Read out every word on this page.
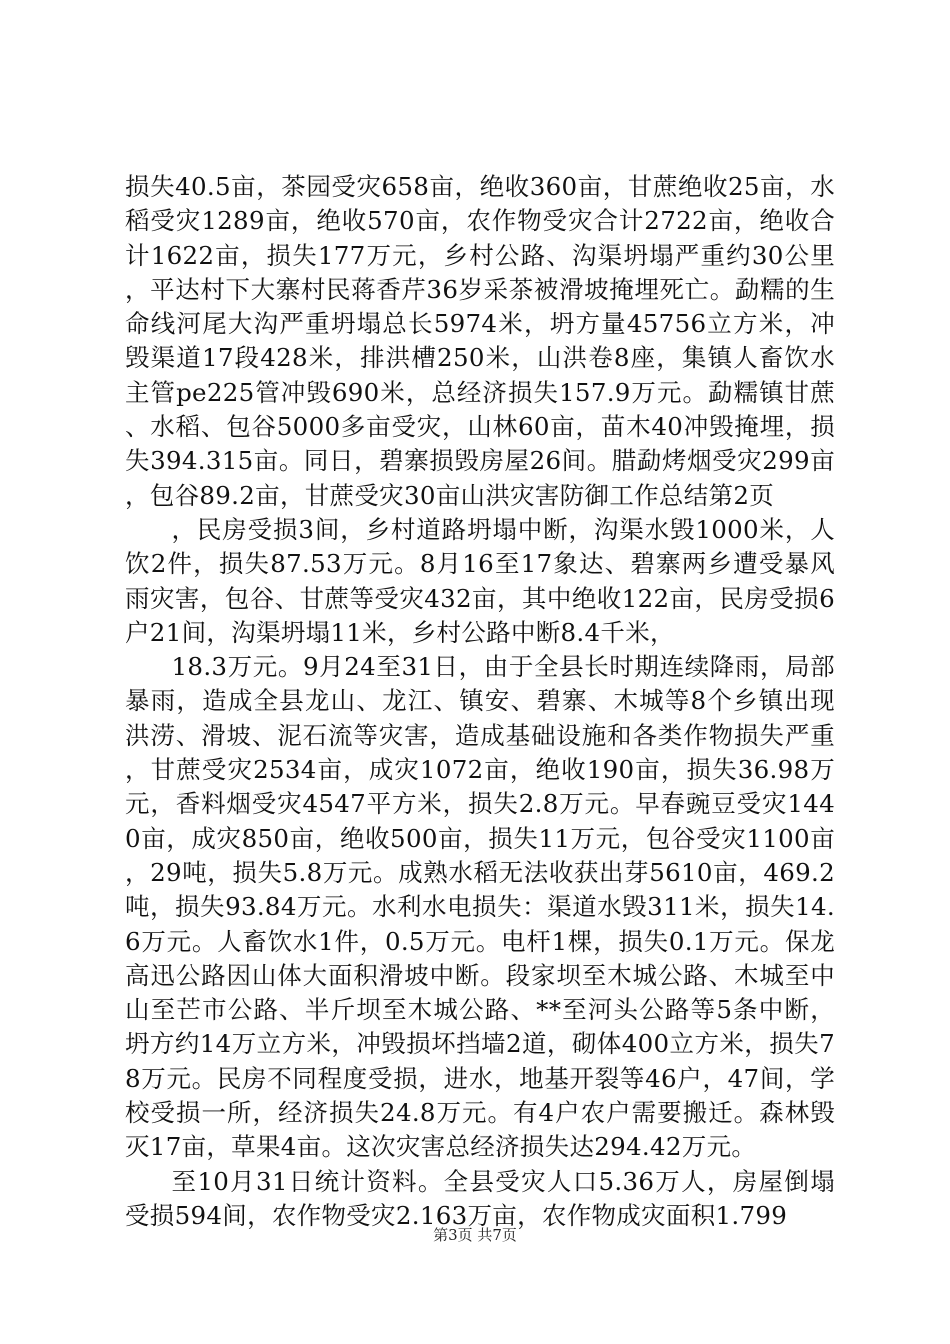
损失40.5亩，茶园受灾658亩，绝收360亩，甘蔗绝收25亩，水稻受灾1289亩，绝收570亩，农作物受灾合计2722亩，绝收合计1622亩，损失177万元，乡村公路、沟渠坍塌严重约30公里，平达村下大寨村民蒋香芹36岁采茶被滑坡掩埋死亡。勐糯的生命线河尾大沟严重坍塌总长5974米，坍方量45756立方米，冲毁渠道17段428米，排洪槽250米，山洪卷8座，集镇人畜饮水主管pe225管冲毁690米，总经济损失157.9万元。勐糯镇甘蔗、水稻、包谷5000多亩受灾，山林60亩，苗木40冲毁掩埋，损失394.315亩。同日，碧寨损毁房屋26间。腊勐烤烟受灾299亩，包谷89.2亩，甘蔗受灾30亩山洪灾害防御工作总结第2页

，民房受损3间，乡村道路坍塌中断，沟渠水毁1000米，人饮2件，损失87.53万元。8月16至17象达、碧寨两乡遭受暴风雨灾害，包谷、甘蔗等受灾432亩，其中绝收122亩，民房受损6户21间，沟渠坍塌11米，乡村公路中断8.4千米，

18.3万元。9月24至31日，由于全县长时期连续降雨，局部暴雨，造成全县龙山、龙江、镇安、碧寨、木城等8个乡镇出现洪涝、滑坡、泥石流等灾害，造成基础设施和各类作物损失严重，甘蔗受灾2534亩，成灾1072亩，绝收190亩，损失36.98万元，香料烟受灾4547平方米，损失2.8万元。早春豌豆受灾1440亩，成灾850亩，绝收500亩，损失11万元，包谷受灾1100亩，29吨，损失5.8万元。成熟水稻无法收获出芽5610亩，469.2吨，损失93.84万元。水利水电损失：渠道水毁311米，损失14.6万元。人畜饮水1件，0.5万元。电杆1棵，损失0.1万元。保龙高迅公路因山体大面积滑坡中断。段家坝至木城公路、木城至中山至芒市公路、半斤坝至木城公路、**至河头公路等5条中断，坍方约14万立方米，冲毁损坏挡墙2道，砌体400立方米，损失78万元。民房不同程度受损，进水，地基开裂等46户，47间，学校受损一所，经济损失24.8万元。有4户农户需要搬迁。森林毁灭17亩，草果4亩。这次灾害总经济损失达294.42万元。

至10月31日统计资料。全县受灾人口5.36万人，房屋倒塌受损594间，农作物受灾2.163万亩，农作物成灾面积1.799

第3页 共7页
